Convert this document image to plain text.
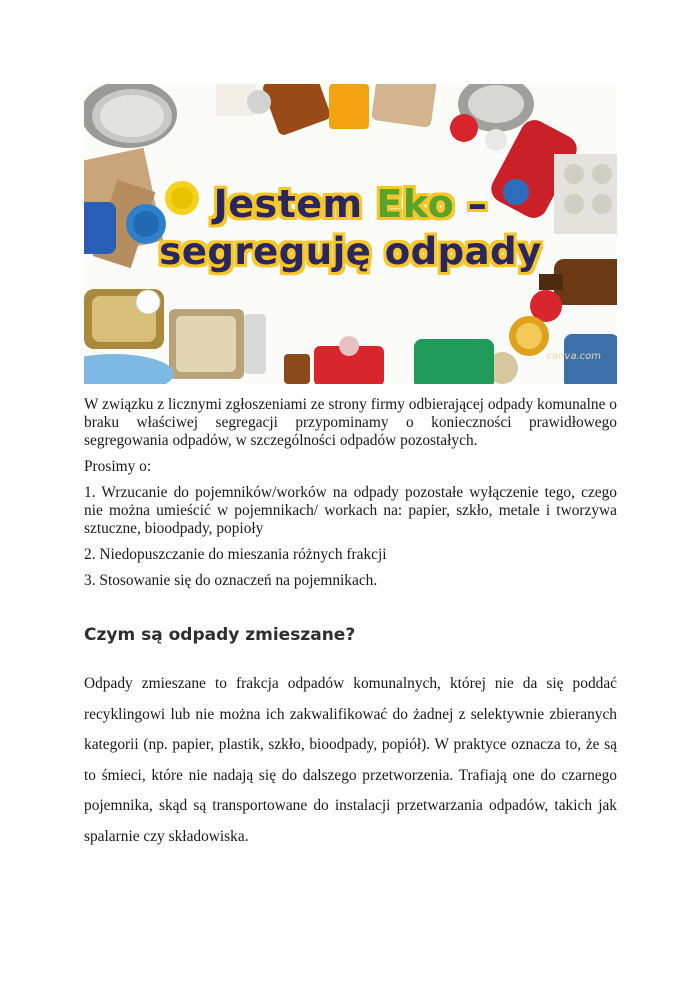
Jestem Eko –
segreguję odpady
canva.com

W związku z licznymi zgłoszeniami ze strony firmy odbierającej odpady komunalne o braku właściwej segregacji przypominamy o konieczności prawidłowego segregowania odpadów, w szczególności odpadów pozostałych.

Prosimy o:

1. Wrzucanie do pojemników/worków na odpady pozostałe wyłączenie tego, czego nie można umieścić w pojemnikach/ workach na: papier, szkło, metale i tworzywa sztuczne, bioodpady, popioły

2. Niedopuszczanie do mieszania różnych frakcji

3. Stosowanie się do oznaczeń na pojemnikach.

Czym są odpady zmieszane?

Odpady zmieszane to frakcja odpadów komunalnych, której nie da się poddać recyklingowi lub nie można ich zakwalifikować do żadnej z selektywnie zbieranych kategorii (np. papier, plastik, szkło, bioodpady, popiół). W praktyce oznacza to, że są to śmieci, które nie nadają się do dalszego przetworzenia. Trafiają one do czarnego pojemnika, skąd są transportowane do instalacji przetwarzania odpadów, takich jak spalarnie czy składowiska.
